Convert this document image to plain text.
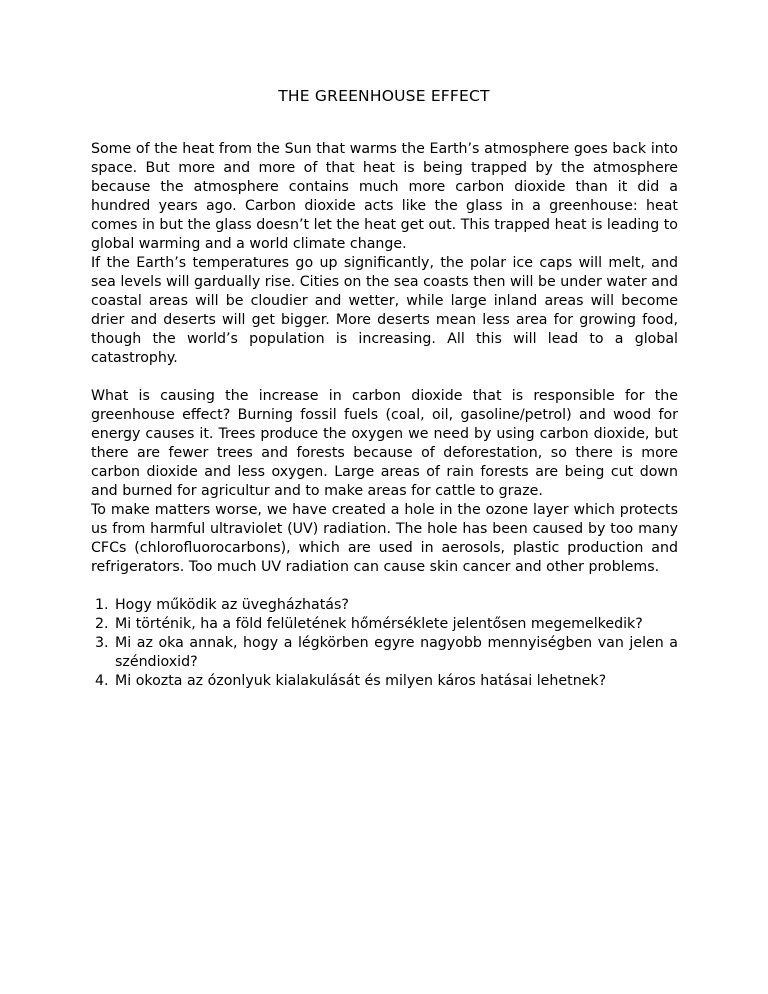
THE GREENHOUSE EFFECT

Some of the heat from the Sun that warms the Earth’s atmosphere goes back into space. But more and more of that heat is being trapped by the atmosphere because the atmosphere contains much more carbon dioxide than it did a hundred years ago. Carbon dioxide acts like the glass in a greenhouse: heat comes in but the glass doesn’t let the heat get out. This trapped heat is leading to global warming and a world climate change.

If the Earth’s temperatures go up significantly, the polar ice caps will melt, and sea levels will gardually rise. Cities on the sea coasts then will be under water and coastal areas will be cloudier and wetter, while large inland areas will become drier and deserts will get bigger. More deserts mean less area for growing food, though the world’s population is increasing. All this will lead to a global catastrophy.

What is causing the increase in carbon dioxide that is responsible for the greenhouse effect? Burning fossil fuels (coal, oil, gasoline/petrol) and wood for energy causes it. Trees produce the oxygen we need by using carbon dioxide, but there are fewer trees and forests because of deforestation, so there is more carbon dioxide and less oxygen. Large areas of rain forests are being cut down and burned for agricultur and to make areas for cattle to graze.

To make matters worse, we have created a hole in the ozone layer which protects us from harmful ultraviolet (UV) radiation. The hole has been caused by too many CFCs (chlorofluorocarbons), which are used in aerosols, plastic production and refrigerators. Too much UV radiation can cause skin cancer and other problems.

1. Hogy működik az üvegházhatás?
2. Mi történik, ha a föld felületének hőmérséklete jelentősen megemelkedik?
3. Mi az oka annak, hogy a légkörben egyre nagyobb mennyiségben van jelen a széndioxid?
4. Mi okozta az ózonlyuk kialakulását és milyen káros hatásai lehetnek?
